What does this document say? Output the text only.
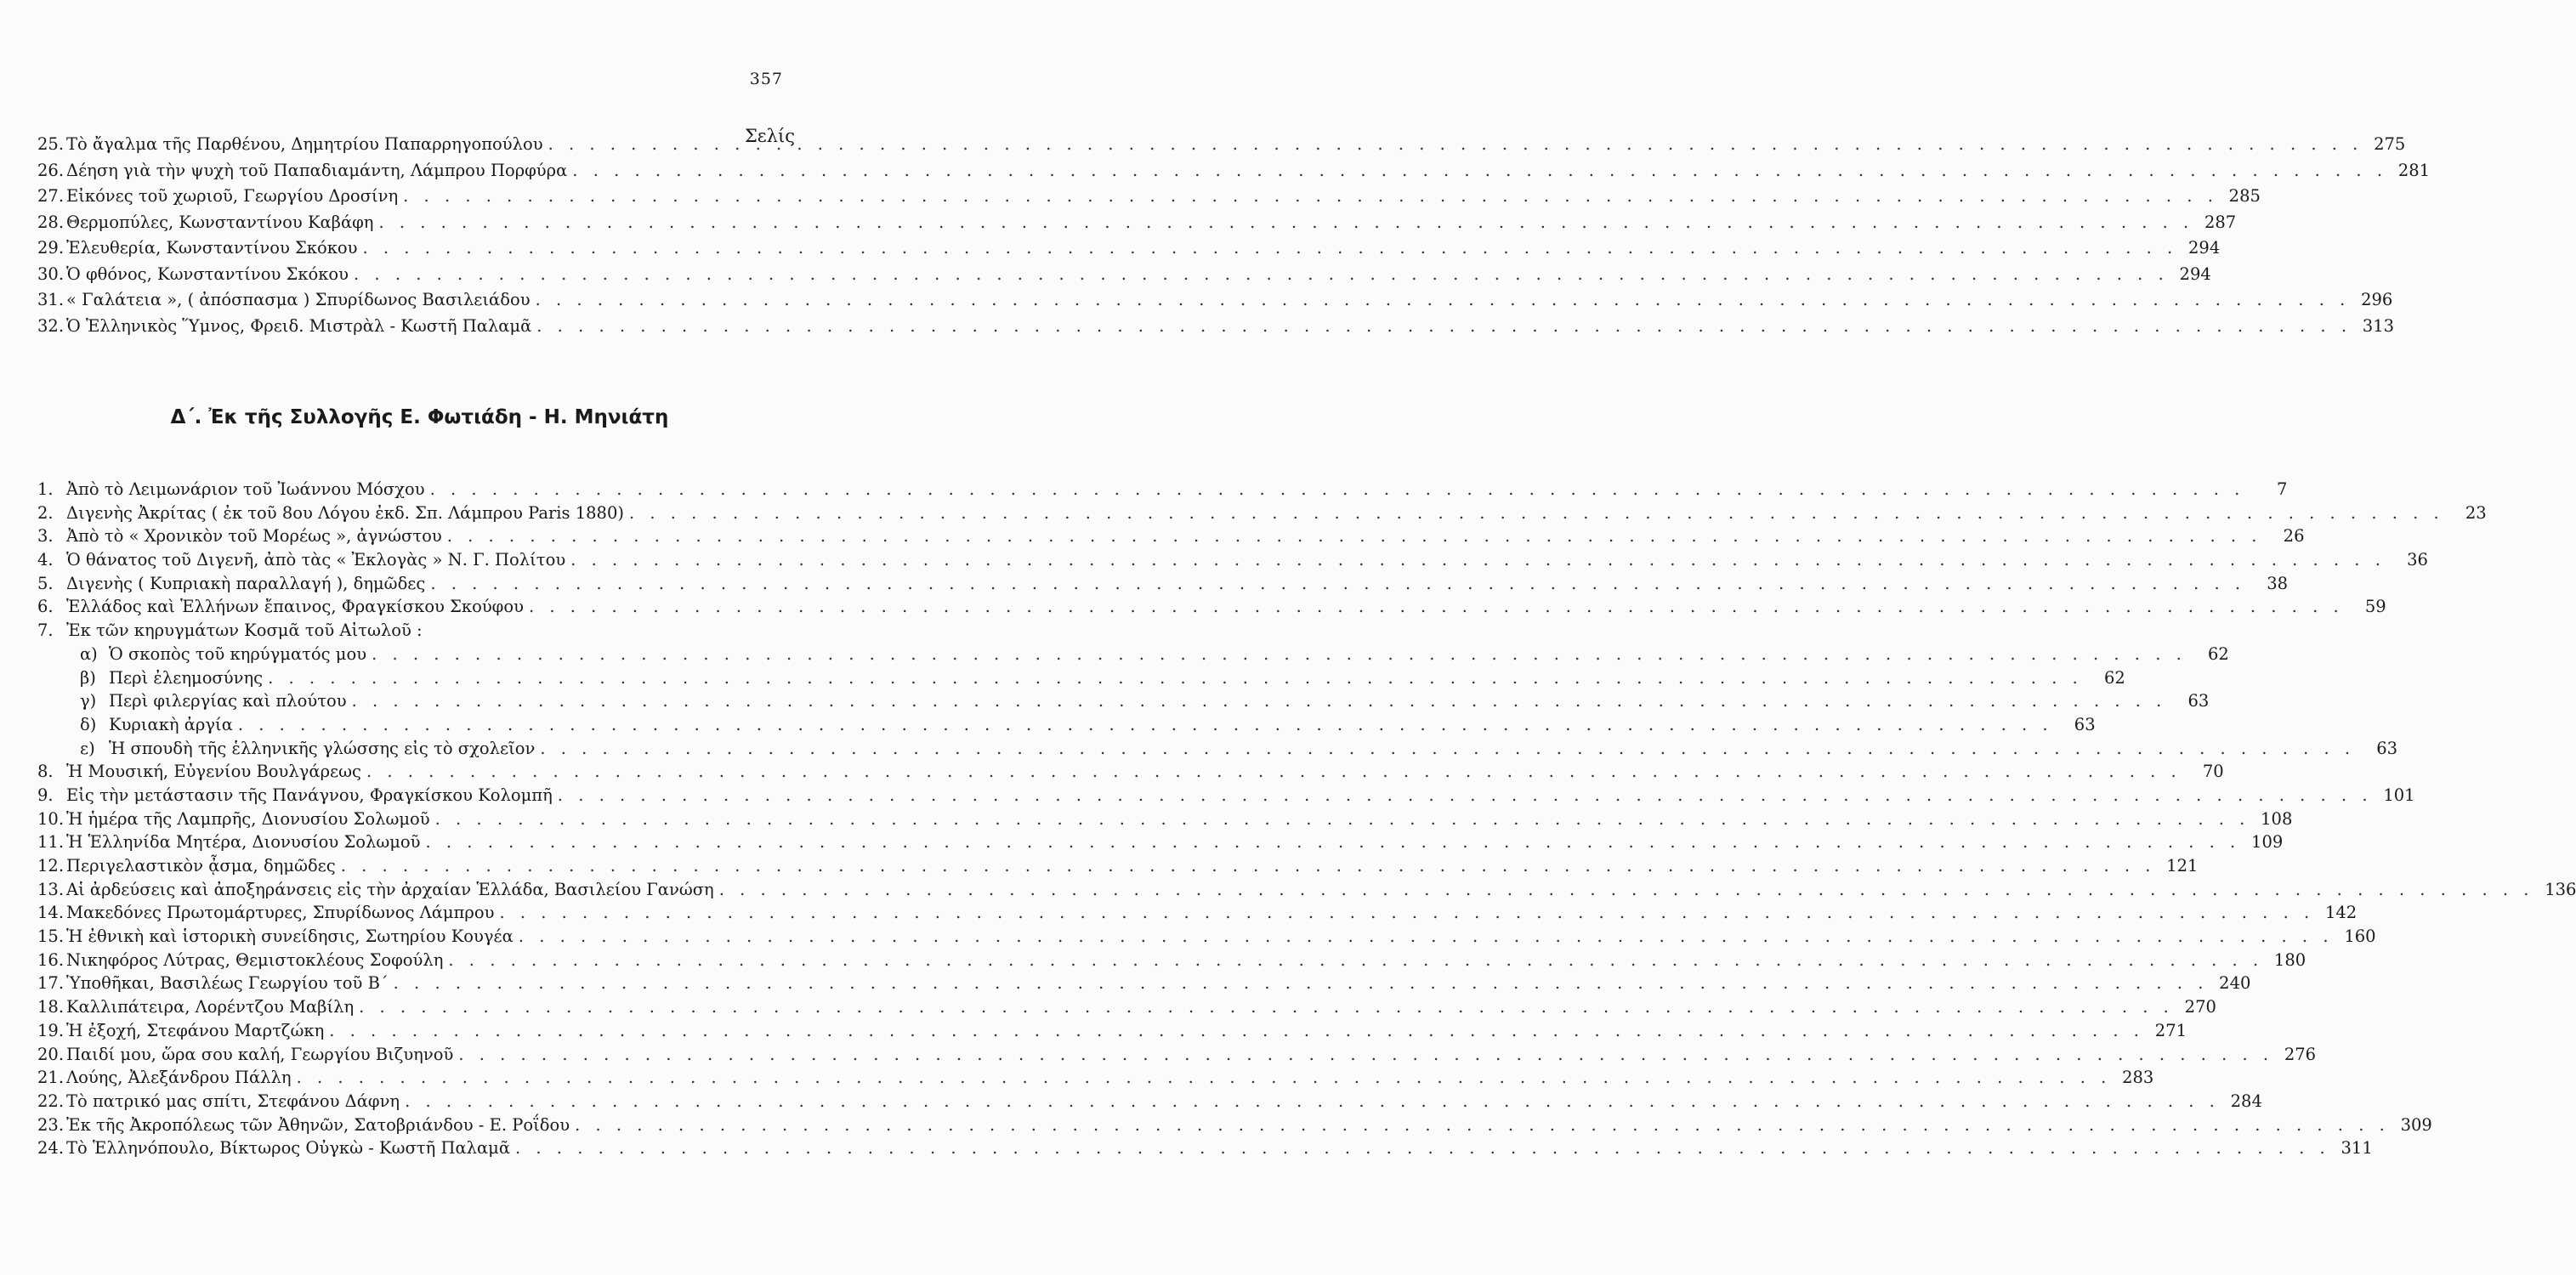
357
Σελίς
25. Τὸ ἄγαλμα τῆς Παρθένου, Δημητρίου Παπαρρηγοπούλου . . .	275
26. Δέηση γιὰ τὴν ψυχὴ τοῦ Παπαδιαμάντη, Λάμπρου Πορφύρα . . .	281
27. Εἰκόνες τοῦ χωριοῦ, Γεωργίου Δροσίνη . . .	285
28. Θερμοπύλες, Κωνσταντίνου Καβάφη . . .	287
29. Ἐλευθερία, Κωνσταντίνου Σκόκου . . .	294
30. Ὁ φθόνος, Κωνσταντίνου Σκόκου . . .	294
31. « Γαλάτεια », ( ἀπόσπασμα ) Σπυρίδωνος Βασιλειάδου . . .	296
32. Ὁ Ἑλληνικὸς Ὕμνος, Φρειδ. Μιστρὰλ - Κωστῆ Παλαμᾶ . . .	313
Δ΄. Ἐκ τῆς Συλλογῆς Ε. Φωτιάδη - Η. Μηνιάτη
1. Ἀπὸ τὸ Λειμωνάριον τοῦ Ἰωάννου Μόσχου . . .	7
2. Διγενὴς Ἀκρίτας ( ἐκ τοῦ 8ου Λόγου ἐκδ. Σπ. Λάμπρου Paris 1880) . . .	23
3. Ἀπὸ τὸ « Χρονικὸν τοῦ Μορέως », ἀγνώστου . . .	26
4. Ὁ θάνατος τοῦ Διγενῆ, ἀπὸ τὰς « Ἐκλογὰς » Ν. Γ. Πολίτου . . .	36
5. Διγενὴς ( Κυπριακὴ παραλλαγή ), δημῶδες . . .	38
6. Ἑλλάδος καὶ Ἑλλήνων ἔπαινος, Φραγκίσκου Σκούφου . . .	59
7. Ἐκ τῶν κηρυγμάτων Κοσμᾶ τοῦ Αἰτωλοῦ :
α) Ὁ σκοπὸς τοῦ κηρύγματός μου . . .	62
β) Περὶ ἐλεημοσύνης . . .	62
γ) Περὶ φιλεργίας καὶ πλούτου . . .	63
δ) Κυριακὴ ἀργία . . .	63
ε) Ἡ σπουδὴ τῆς ἑλληνικῆς γλώσσης εἰς τὸ σχολεῖον . . .	63
8. Ἡ Μουσική, Εὐγενίου Βουλγάρεως . . .	70
9. Εἰς τὴν μετάστασιν τῆς Πανάγνου, Φραγκίσκου Κολομπῆ . . .	101
10. Ἡ ἡμέρα τῆς Λαμπρῆς, Διονυσίου Σολωμοῦ . . .	108
11. Ἡ Ἑλληνίδα Μητέρα, Διονυσίου Σολωμοῦ . . .	109
12. Περιγελαστικὸν ᾆσμα, δημῶδες . . .	121
13. Αἱ ἀρδεύσεις καὶ ἀποξηράνσεις εἰς τὴν ἀρχαίαν Ἑλλάδα, Βασιλείου Γανώση . . .	136
14. Μακεδόνες Πρωτομάρτυρες, Σπυρίδωνος Λάμπρου . . .	142
15. Ἡ ἐθνικὴ καὶ ἱστορικὴ συνείδησις, Σωτηρίου Κουγέα . . .	160
16. Νικηφόρος Λύτρας, Θεμιστοκλέους Σοφούλη . . .	180
17. Ὑποθῆκαι, Βασιλέως Γεωργίου τοῦ Β΄ . . .	240
18. Καλλιπάτειρα, Λορέντζου Μαβίλη . . .	270
19. Ἡ ἐξοχή, Στεφάνου Μαρτζώκη . . .	271
20. Παιδί μου, ὥρα σου καλή, Γεωργίου Βιζυηνοῦ . . .	276
21. Λούης, Ἀλεξάνδρου Πάλλη . . .	283
22. Τὸ πατρικό μας σπίτι, Στεφάνου Δάφνη . . .	284
23. Ἐκ τῆς Ἀκροπόλεως τῶν Ἀθηνῶν, Σατοβριάνδου - Ε. Ροΐδου . . .	309
24. Τὸ Ἑλληνόπουλο, Βίκτωρος Οὐγκὼ - Κωστῆ Παλαμᾶ . . .	311
